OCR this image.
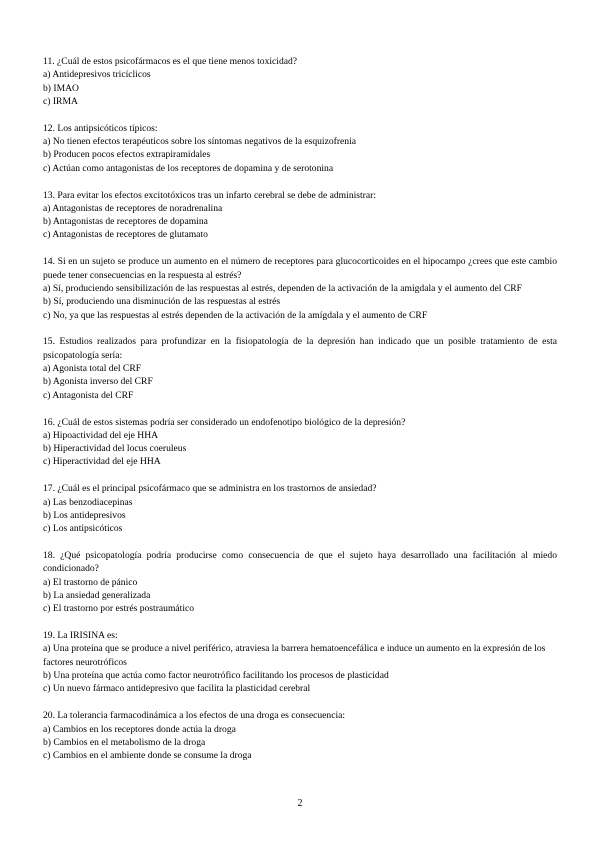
11. ¿Cuál de estos psicofármacos es el que tiene menos toxicidad?

a) Antidepresivos tricíclicos

b) IMAO

c) IRMA

12. Los antipsicóticos típicos:

a) No tienen efectos terapéuticos sobre los síntomas negativos de la esquizofrenia

b) Producen pocos efectos extrapiramidales

c) Actúan como antagonistas de los receptores de dopamina y de serotonina

13. Para evitar los efectos excitotóxicos tras un infarto cerebral se debe de administrar:

a) Antagonistas de receptores de noradrenalina

b) Antagonistas de receptores de dopamina

c) Antagonistas de receptores de glutamato

14. Si en un sujeto se produce un aumento en el número de receptores para glucocorticoides en el hipocampo ¿crees que este cambio puede tener consecuencias en la respuesta al estrés?

a) Sí, produciendo sensibilización de las respuestas al estrés, dependen de la activación de la amígdala y el aumento del CRF

b) Sí, produciendo una disminución de las respuestas al estrés

c) No, ya que las respuestas al estrés dependen de la activación de la amígdala y el aumento de CRF

15. Estudios realizados para profundizar en la fisiopatología de la depresión han indicado que un posible tratamiento de esta psicopatología sería:

a) Agonista total del CRF

b) Agonista inverso del CRF

c) Antagonista del CRF

16. ¿Cuál de estos sistemas podría ser considerado un endofenotipo biológico de la depresión?

a) Hipoactividad del eje HHA

b) Hiperactividad del locus coeruleus

c) Hiperactividad del eje HHA

17. ¿Cuál es el principal psicofármaco que se administra en los trastornos de ansiedad?

a) Las benzodiacepinas

b) Los antidepresivos

c) Los antipsicóticos

18. ¿Qué psicopatología podría producirse como consecuencia de que el sujeto haya desarrollado una facilitación al miedo condicionado?

a) El trastorno de pánico

b) La ansiedad generalizada

c) El trastorno por estrés postraumático

19. La IRISINA es:

a) Una proteína que se produce a nivel periférico, atraviesa la barrera hematoencefálica e induce un aumento en la expresión de los factores neurotróficos

b) Una proteína que actúa como factor neurotrófico facilitando los procesos de plasticidad

c) Un nuevo fármaco antidepresivo que facilita la plasticidad cerebral

20. La tolerancia farmacodinámica a los efectos de una droga es consecuencia:

a) Cambios en los receptores donde actúa la droga

b) Cambios en el metabolismo de la droga

c) Cambios en el ambiente donde se consume la droga

2
